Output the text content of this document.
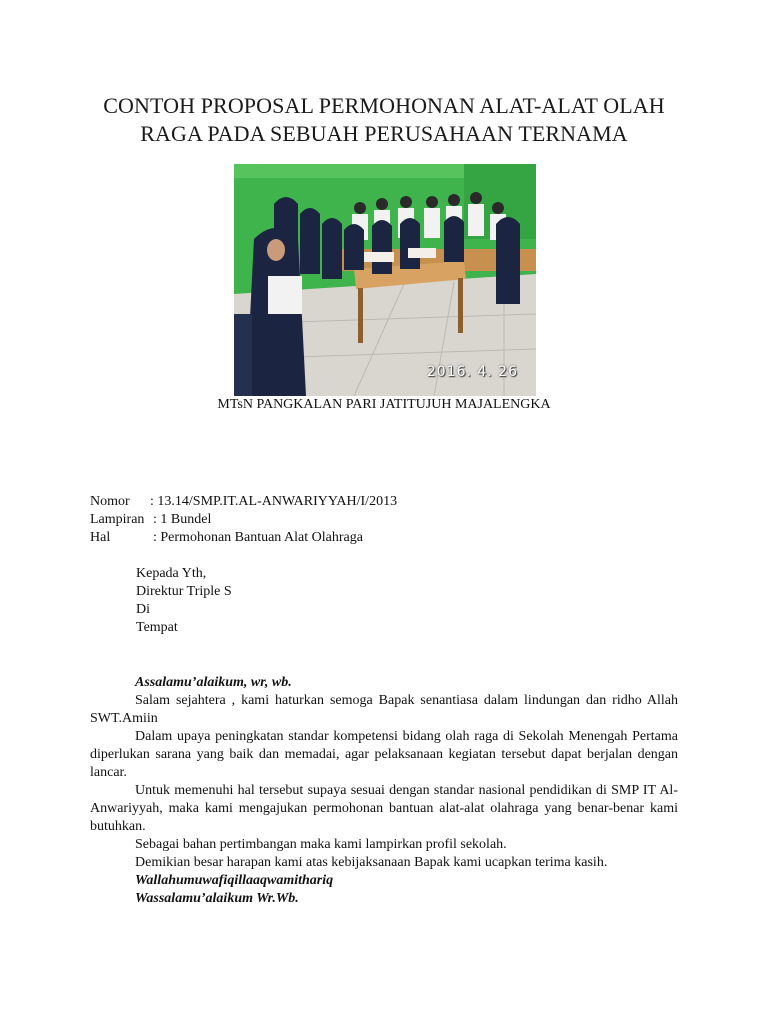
CONTOH PROPOSAL PERMOHONAN ALAT-ALAT OLAH
RAGA PADA SEBUAH PERUSAHAAN TERNAMA
2016. 4. 26
MTsN PANGKALAN PARI JATITUJUH MAJALENGKA
Nomor : 13.14/SMP.IT.AL-ANWARIYYAH/I/2013
Lampiran : 1 Bundel
Hal	: Permohonan Bantuan Alat Olahraga
Kepada Yth,
Direktur Triple S
Di
Tempat

Assalamu’alaikum, wr, wb.

Salam sejahtera , kami haturkan semoga Bapak senantiasa dalam lindungan dan ridho Allah SWT.Amiin

Dalam upaya peningkatan standar kompetensi bidang olah raga di Sekolah Menengah Pertama diperlukan sarana yang baik dan memadai, agar pelaksanaan kegiatan tersebut dapat berjalan dengan lancar.

Untuk memenuhi hal tersebut supaya sesuai dengan standar nasional pendidikan di SMP IT Al-Anwariyyah, maka kami mengajukan permohonan bantuan alat-alat olahraga yang benar-benar kami butuhkan.

Sebagai bahan pertimbangan maka kami lampirkan profil sekolah.

Demikian besar harapan kami atas kebijaksanaan Bapak kami ucapkan terima kasih.

Wallahumuwafiqillaaqwamithariq

Wassalamu’alaikum Wr.Wb.
